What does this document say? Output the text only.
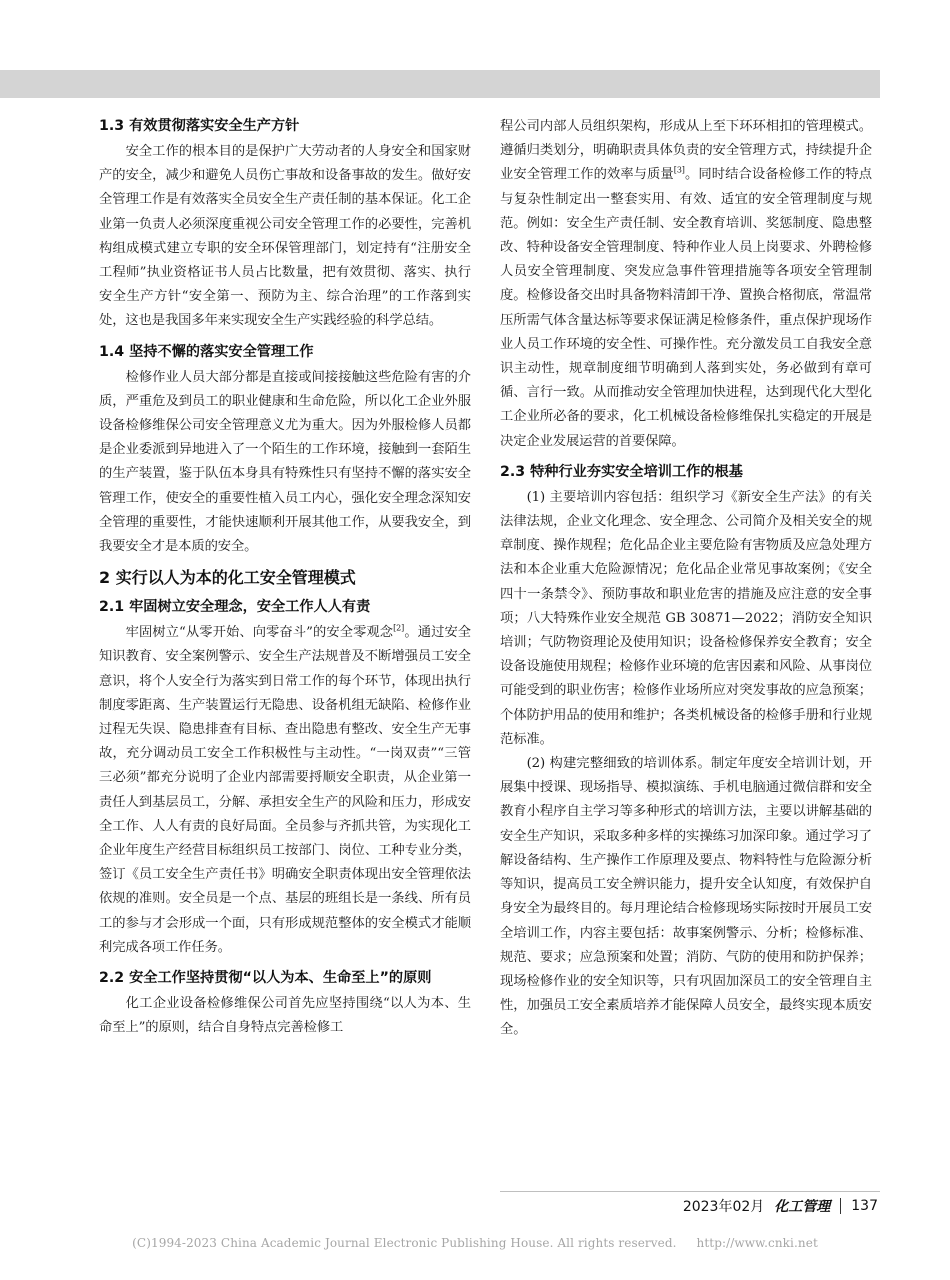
1.3 有效贯彻落实安全生产方针

安全工作的根本目的是保护广大劳动者的人身安全和国家财产的安全，减少和避免人员伤亡事故和设备事故的发生。做好安全管理工作是有效落实全员安全生产责任制的基本保证。化工企业第一负责人必须深度重视公司安全管理工作的必要性，完善机构组成模式建立专职的安全环保管理部门，划定持有“注册安全工程师”执业资格证书人员占比数量，把有效贯彻、落实、执行安全生产方针“安全第一、预防为主、综合治理”的工作落到实处，这也是我国多年来实现安全生产实践经验的科学总结。

1.4 坚持不懈的落实安全管理工作

检修作业人员大部分都是直接或间接接触这些危险有害的介质，严重危及到员工的职业健康和生命危险，所以化工企业外服设备检修维保公司安全管理意义尤为重大。因为外服检修人员都是企业委派到异地进入了一个陌生的工作环境，接触到一套陌生的生产装置，鉴于队伍本身具有特殊性只有坚持不懈的落实安全管理工作，使安全的重要性植入员工内心，强化安全理念深知安全管理的重要性，才能快速顺利开展其他工作，从要我安全，到我要安全才是本质的安全。

2 实行以人为本的化工安全管理模式
2.1 牢固树立安全理念，安全工作人人有责

牢固树立“从零开始、向零奋斗”的安全零观念[2]。通过安全知识教育、安全案例警示、安全生产法规普及不断增强员工安全意识，将个人安全行为落实到日常工作的每个环节，体现出执行制度零距离、生产装置运行无隐患、设备机组无缺陷、检修作业过程无失误、隐患排查有目标、查出隐患有整改、安全生产无事故，充分调动员工安全工作积极性与主动性。“一岗双责”“三管三必须”都充分说明了企业内部需要捋顺安全职责，从企业第一责任人到基层员工，分解、承担安全生产的风险和压力，形成安全工作、人人有责的良好局面。全员参与齐抓共管，为实现化工企业年度生产经营目标组织员工按部门、岗位、工种专业分类，签订《员工安全生产责任书》明确安全职责体现出安全管理依法依规的准则。安全员是一个点、基层的班组长是一条线、所有员工的参与才会形成一个面，只有形成规范整体的安全模式才能顺利完成各项工作任务。

2.2 安全工作坚持贯彻“以人为本、生命至上”的原则

化工企业设备检修维保公司首先应坚持围绕“以人为本、生命至上”的原则，结合自身特点完善检修工

程公司内部人员组织架构，形成从上至下环环相扣的管理模式。遵循归类划分，明确职责具体负责的安全管理方式，持续提升企业安全管理工作的效率与质量[3]。同时结合设备检修工作的特点与复杂性制定出一整套实用、有效、适宜的安全管理制度与规范。例如：安全生产责任制、安全教育培训、奖惩制度、隐患整改、特种设备安全管理制度、特种作业人员上岗要求、外聘检修人员安全管理制度、突发应急事件管理措施等各项安全管理制度。检修设备交出时具备物料清卸干净、置换合格彻底，常温常压所需气体含量达标等要求保证满足检修条件，重点保护现场作业人员工作环境的安全性、可操作性。充分激发员工自我安全意识主动性，规章制度细节明确到人落到实处，务必做到有章可循、言行一致。从而推动安全管理加快进程，达到现代化大型化工企业所必备的要求，化工机械设备检修维保扎实稳定的开展是决定企业发展运营的首要保障。

2.3 特种行业夯实安全培训工作的根基

(1) 主要培训内容包括：组织学习《新安全生产法》的有关法律法规，企业文化理念、安全理念、公司简介及相关安全的规章制度、操作规程；危化品企业主要危险有害物质及应急处理方法和本企业重大危险源情况；危化品企业常见事故案例；《安全四十一条禁令》、预防事故和职业危害的措施及应注意的安全事项；八大特殊作业安全规范 GB 30871—2022；消防安全知识培训；气防物资理论及使用知识；设备检修保养安全教育；安全设备设施使用规程；检修作业环境的危害因素和风险、从事岗位可能受到的职业伤害；检修作业场所应对突发事故的应急预案；个体防护用品的使用和维护；各类机械设备的检修手册和行业规范标准。

(2) 构建完整细致的培训体系。制定年度安全培训计划，开展集中授课、现场指导、模拟演练、手机电脑通过微信群和安全教育小程序自主学习等多种形式的培训方法，主要以讲解基础的安全生产知识，采取多种多样的实操练习加深印象。通过学习了解设备结构、生产操作工作原理及要点、物料特性与危险源分析等知识，提高员工安全辨识能力，提升安全认知度，有效保护自身安全为最终目的。每月理论结合检修现场实际按时开展员工安全培训工作，内容主要包括：故事案例警示、分析；检修标准、规范、要求；应急预案和处置；消防、气防的使用和防护保养；现场检修作业的安全知识等，只有巩固加深员工的安全管理自主性，加强员工安全素质培养才能保障人员安全，最终实现本质安全。

2023年02月 化工管理 137
(C)1994-2023 China Academic Journal Electronic Publishing House. All rights reserved. http://www.cnki.net
